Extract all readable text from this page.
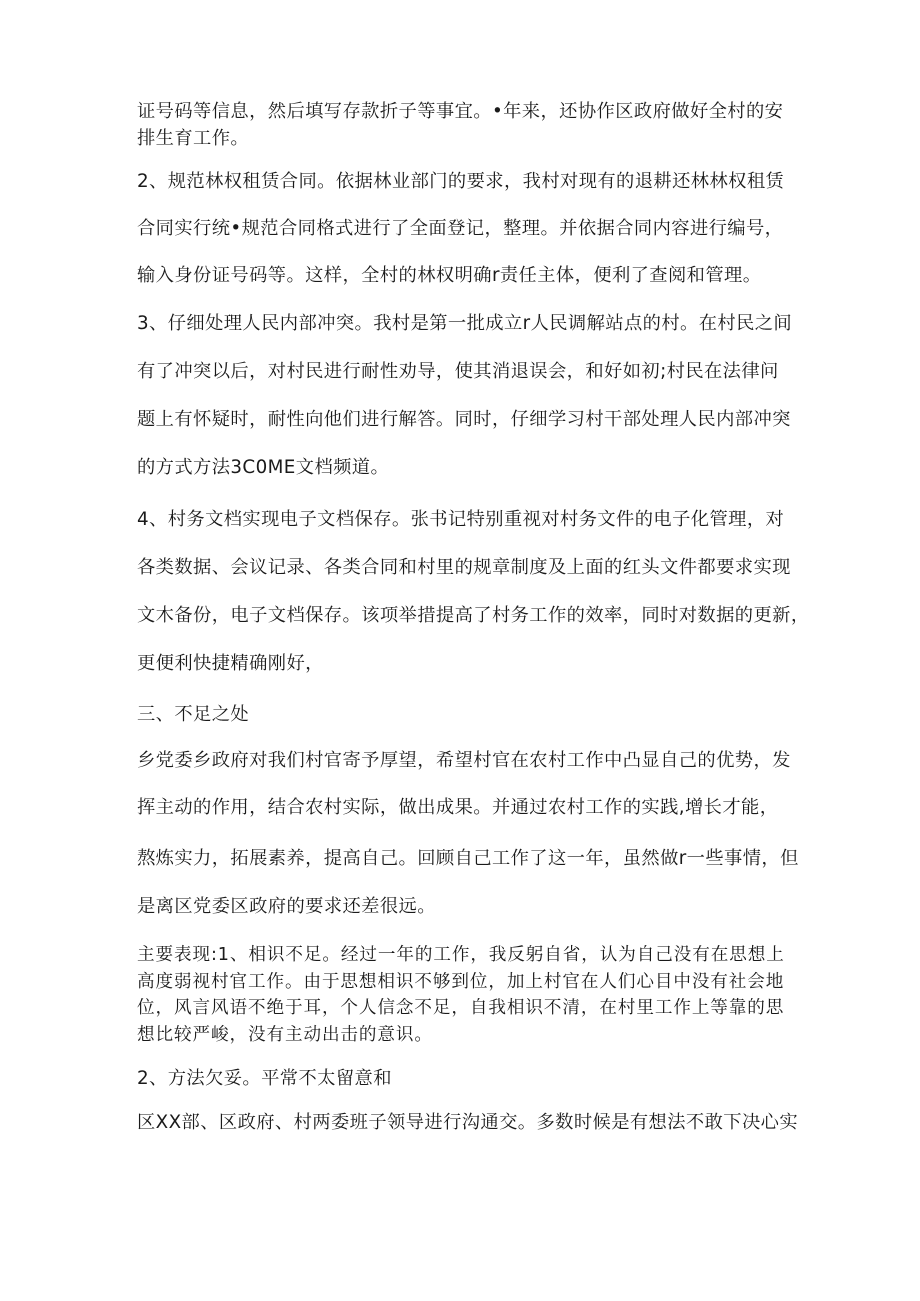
证号码等信息，然后填写存款折子等事宜。•年来，还协作区政府做好全村的安
排生育工作。
2、规范林权租赁合同。依据林业部门的要求，我村对现有的退耕还林林权租赁
合同实行统•规范合同格式进行了全面登记，整理。并依据合同内容进行编号，
输入身份证号码等。这样，全村的林权明确r责任主体，便利了查阅和管理。
3、仔细处理人民内部冲突。我村是第一批成立r人民调解站点的村。在村民之间
有了冲突以后，对村民进行耐性劝导，使其消退误会，和好如初;村民在法律问
题上有怀疑时，耐性向他们进行解答。同时，仔细学习村干部处理人民内部冲突
的方式方法3C0ME文档频道。
4、村务文档实现电子文档保存。张书记特别重视对村务文件的电子化管理，对
各类数据、会议记录、各类合同和村里的规章制度及上面的红头文件都要求实现
文木备份，电子文档保存。该项举措提高了村务工作的效率，同时对数据的更新，
更便利快捷精确刚好，
三、不足之处
乡党委乡政府对我们村官寄予厚望，希望村官在农村工作中凸显自己的优势，发
挥主动的作用，结合农村实际，做出成果。并通过农村工作的实践,增长才能，
熬炼实力，拓展素养，提高自己。回顾自己工作了这一年，虽然做r一些事情，但
是离区党委区政府的要求还差很远。
主要表现:1、相识不足。经过一年的工作，我反躬自省，认为自己没有在思想上
高度弱视村官工作。由于思想相识不够到位，加上村官在人们心目中没有社会地
位，风言风语不绝于耳，个人信念不足，自我相识不清，在村里工作上等靠的思
想比较严峻，没有主动出击的意识。
2、方法欠妥。平常不太留意和
区XX部、区政府、村两委班子领导进行沟通交。多数时候是有想法不敢下决心实
